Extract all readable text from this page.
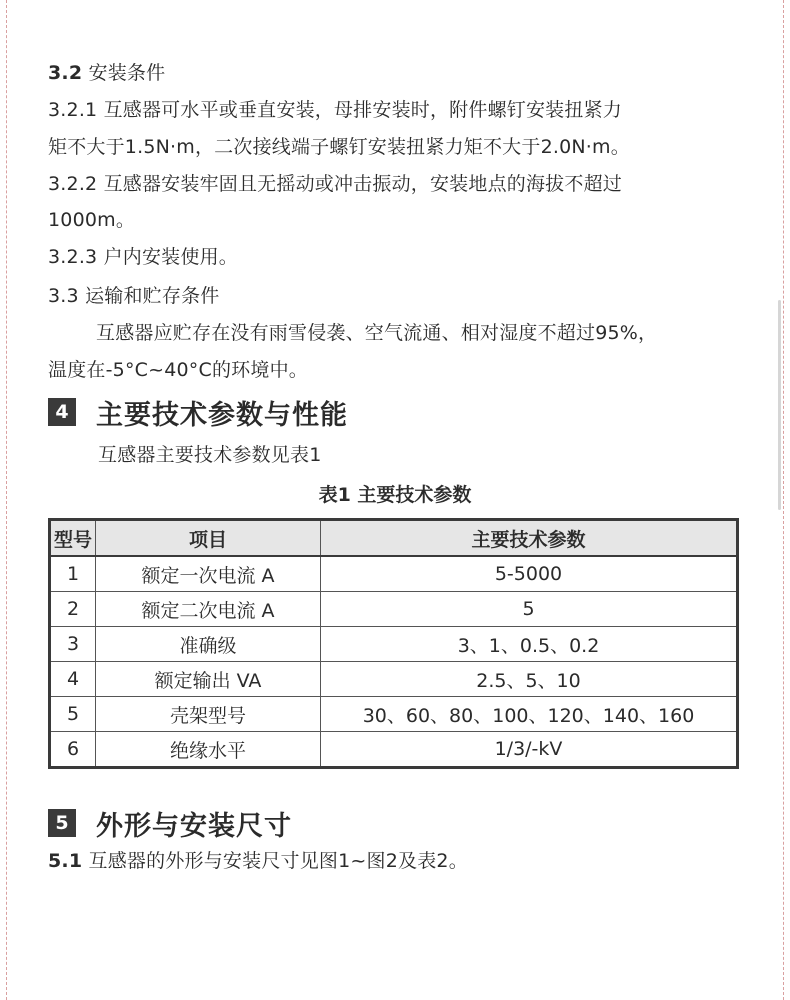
3.2 安装条件
3.2.1 互感器可水平或垂直安装，母排安装时，附件螺钉安装扭紧力
矩不大于1.5N·m，二次接线端子螺钉安装扭紧力矩不大于2.0N·m。
3.2.2 互感器安装牢固且无摇动或冲击振动，安装地点的海拔不超过
1000m。
3.2.3 户内安装使用。
3.3 运输和贮存条件
互感器应贮存在没有雨雪侵袭、空气流通、相对湿度不超过95%，
温度在-5°C~40°C的环境中。
4 主要技术参数与性能
互感器主要技术参数见表1
表1 主要技术参数
型号	项目	主要技术参数
1	额定一次电流 A	5-5000
2	额定二次电流 A	5
3	准确级	3、1、0.5、0.2
4	额定输出 VA	2.5、5、10
5	壳架型号	30、60、80、100、120、140、160
6	绝缘水平	1/3/-kV
5 外形与安装尺寸
5.1 互感器的外形与安装尺寸见图1~图2及表2。
